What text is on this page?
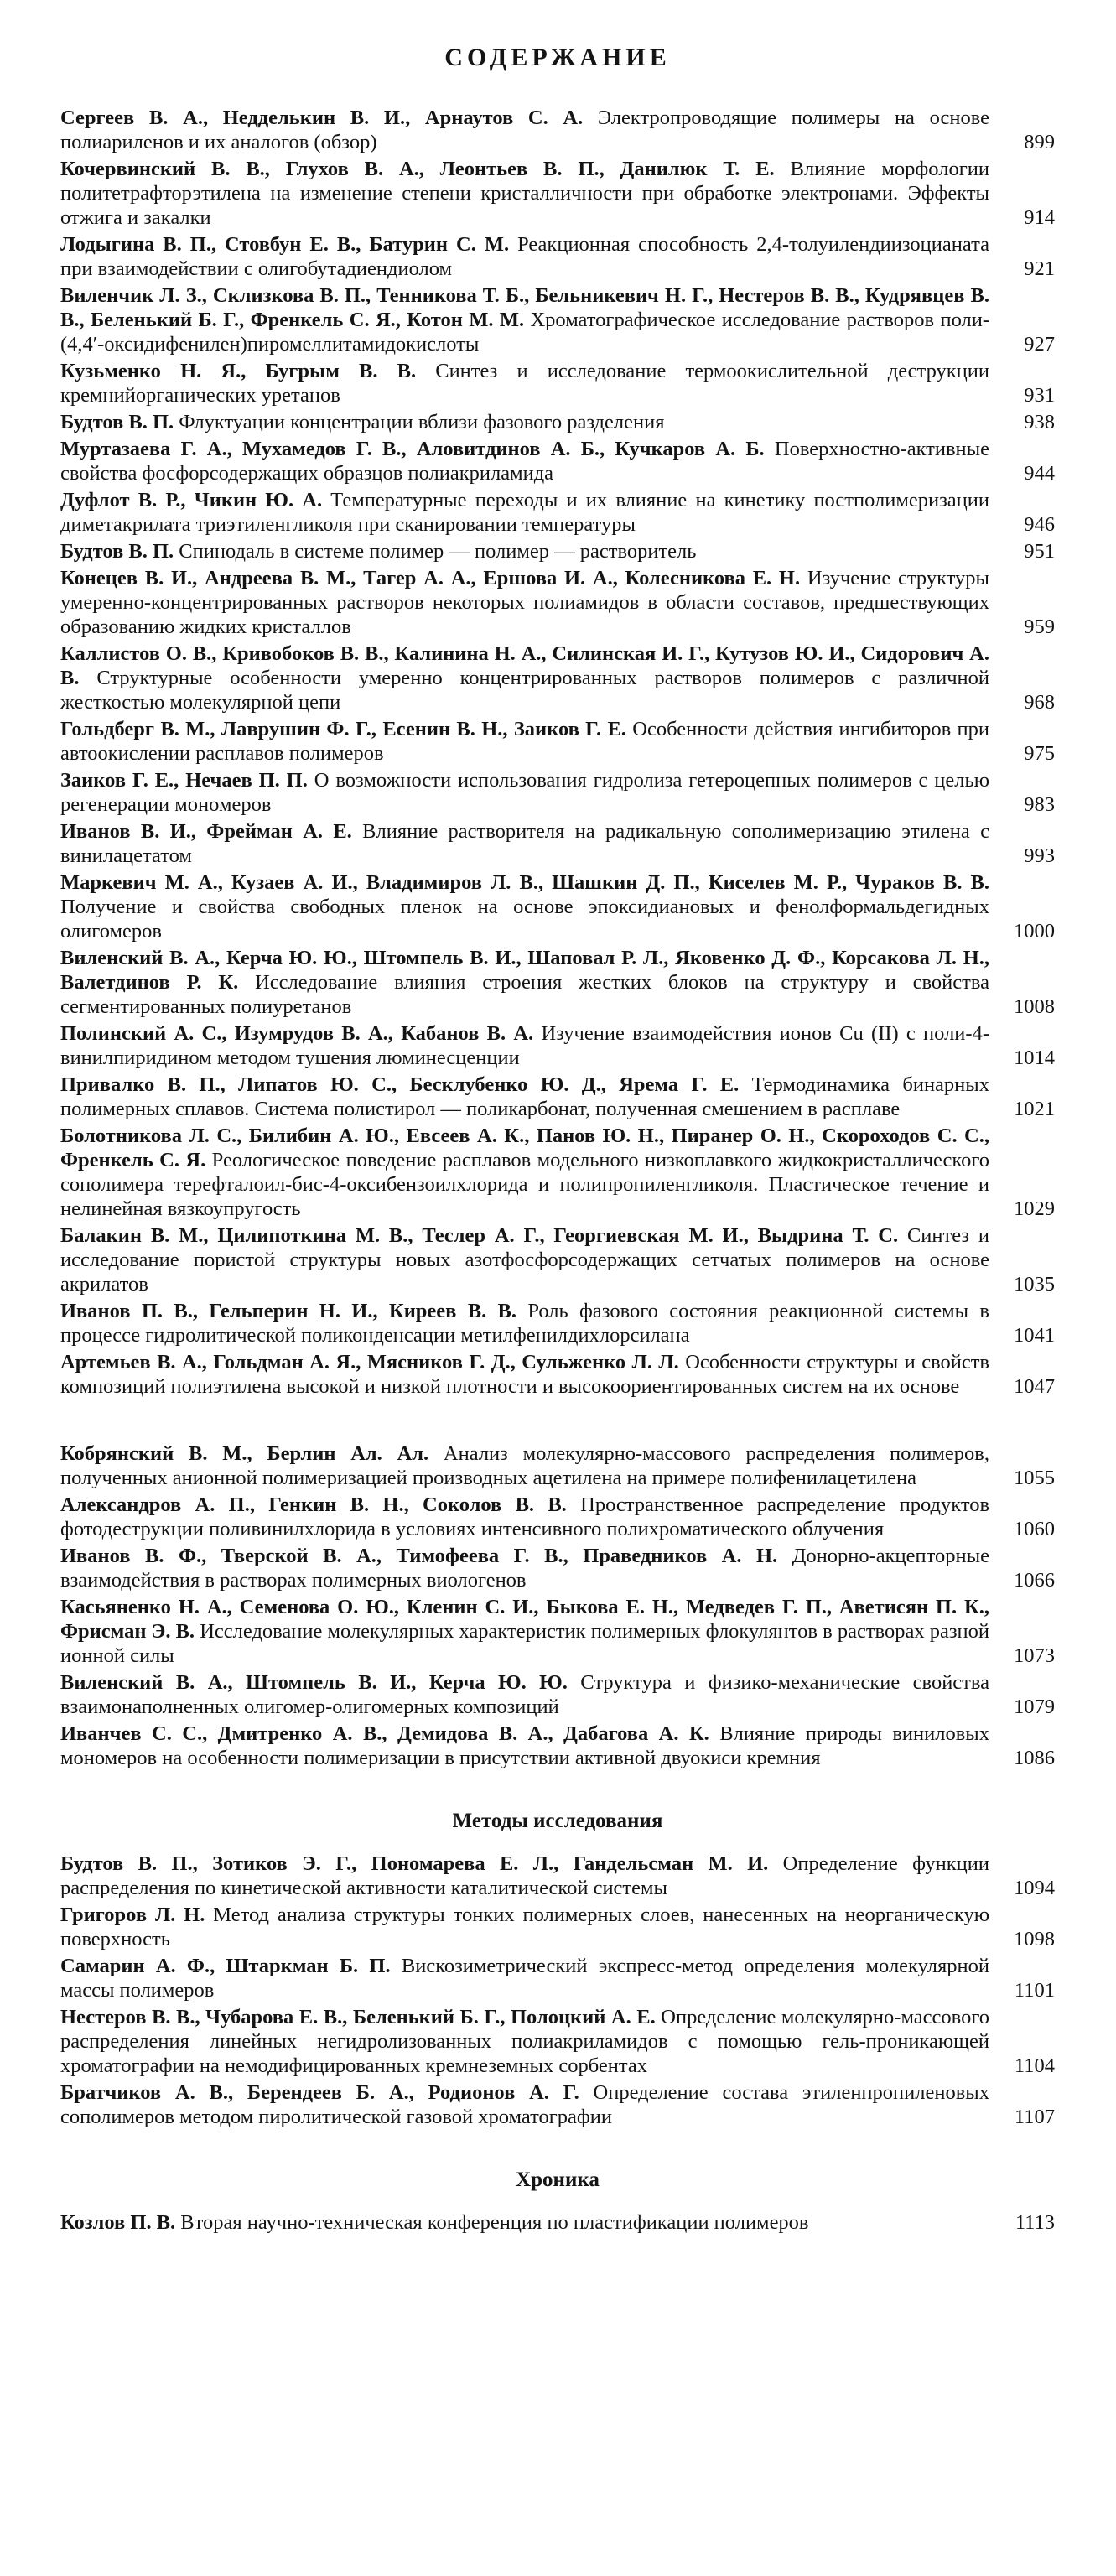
СОДЕРЖАНИЕ
Сергеев В. А., Недделькин В. И., Арнаутов С. А. Электропроводящие полимеры на основе полиариленов и их аналогов (обзор)	899
Кочервинский В. В., Глухов В. А., Леонтьев В. П., Данилюк Т. Е. Влияние морфологии политетрафторэтилена на изменение степени кристалличности при обработке электронами. Эффекты отжига и закалки	914
Лодыгина В. П., Стовбун Е. В., Батурин С. М. Реакционная способность 2,4-толуилендиизоцианата при взаимодействии с олигобутадиендиолом	921
Виленчик Л. З., Склизкова В. П., Тенникова Т. Б., Бельникевич Н. Г., Нестеров В. В., Кудрявцев В. В., Беленький Б. Г., Френкель С. Я., Котон М. М. Хроматографическое исследование растворов поли-(4,4′-оксидифенилен)пиромеллитамидокислоты	927
Кузьменко Н. Я., Бугрым В. В. Синтез и исследование термоокислительной деструкции кремнийорганических уретанов	931
Будтов В. П. Флуктуации концентрации вблизи фазового разделения	938
Муртазаева Г. А., Мухамедов Г. В., Аловитдинов А. Б., Кучкаров А. Б. Поверхностно-активные свойства фосфорсодержащих образцов полиакриламида	944
Дуфлот В. Р., Чикин Ю. А. Температурные переходы и их влияние на кинетику постполимеризации диметакрилата триэтиленгликоля при сканировании температуры	946
Будтов В. П. Спинодаль в системе полимер — полимер — растворитель	951
Конецев В. И., Андреева В. М., Тагер А. А., Ершова И. А., Колесникова Е. Н. Изучение структуры умеренно-концентрированных растворов некоторых полиамидов в области составов, предшествующих образованию жидких кристаллов	959
Каллистов О. В., Кривобоков В. В., Калинина Н. А., Силинская И. Г., Кутузов Ю. И., Сидорович А. В. Структурные особенности умеренно концентрированных растворов полимеров с различной жесткостью молекулярной цепи	968
Гольдберг В. М., Лаврушин Ф. Г., Есенин В. Н., Заиков Г. Е. Особенности действия ингибиторов при автоокислении расплавов полимеров	975
Заиков Г. Е., Нечаев П. П. О возможности использования гидролиза гетероцепных полимеров с целью регенерации мономеров	983
Иванов В. И., Фрейман А. Е. Влияние растворителя на радикальную сополимеризацию этилена с винилацетатом	993
Маркевич М. А., Кузаев А. И., Владимиров Л. В., Шашкин Д. П., Киселев М. Р., Чураков В. В. Получение и свойства свободных пленок на основе эпоксидиановых и фенолформальдегидных олигомеров	1000
Виленский В. А., Керча Ю. Ю., Штомпель В. И., Шаповал Р. Л., Яковенко Д. Ф., Корсакова Л. Н., Валетдинов Р. К. Исследование влияния строения жестких блоков на структуру и свойства сегментированных полиуретанов	1008
Полинский А. С., Изумрудов В. А., Кабанов В. А. Изучение взаимодействия ионов Cu (II) с поли-4-винилпиридином методом тушения люминесценции	1014
Привалко В. П., Липатов Ю. С., Бесклубенко Ю. Д., Ярема Г. Е. Термодинамика бинарных полимерных сплавов. Система полистирол — поликарбонат, полученная смешением в расплаве	1021
Болотникова Л. С., Билибин А. Ю., Евсеев А. К., Панов Ю. Н., Пиранер О. Н., Скороходов С. С., Френкель С. Я. Реологическое поведение расплавов модельного низкоплавкого жидкокристаллического сополимера терефталоил-бис-4-оксибензоилхлорида и полипропиленгликоля. Пластическое течение и нелинейная вязкоупругость	1029
Балакин В. М., Цилипоткина М. В., Теслер А. Г., Георгиевская М. И., Выдрина Т. С. Синтез и исследование пористой структуры новых азотфосфорсодержащих сетчатых полимеров на основе акрилатов	1035
Иванов П. В., Гельперин Н. И., Киреев В. В. Роль фазового состояния реакционной системы в процессе гидролитической поликонденсации метилфенилдихлорсилана	1041
Артемьев В. А., Гольдман А. Я., Мясников Г. Д., Сульженко Л. Л. Особенности структуры и свойств композиций полиэтилена высокой и низкой плотности и высокоориентированных систем на их основе	1047
Кобрянский В. М., Берлин Ал. Ал. Анализ молекулярно-массового распределения полимеров, полученных анионной полимеризацией производных ацетилена на примере полифенилацетилена	1055
Александров А. П., Генкин В. Н., Соколов В. В. Пространственное распределение продуктов фотодеструкции поливинилхлорида в условиях интенсивного полихроматического облучения	1060
Иванов В. Ф., Тверской В. А., Тимофеева Г. В., Праведников А. Н. Донорно-акцепторные взаимодействия в растворах полимерных виологенов	1066
Касьяненко Н. А., Семенова О. Ю., Кленин С. И., Быкова Е. Н., Медведев Г. П., Аветисян П. К., Фрисман Э. В. Исследование молекулярных характеристик полимерных флокулянтов в растворах разной ионной силы	1073
Виленский В. А., Штомпель В. И., Керча Ю. Ю. Структура и физико-механические свойства взаимонаполненных олигомер-олигомерных композиций	1079
Иванчев С. С., Дмитренко А. В., Демидова В. А., Дабагова А. К. Влияние природы виниловых мономеров на особенности полимеризации в присутствии активной двуокиси кремния	1086
Методы исследования
Будтов В. П., Зотиков Э. Г., Пономарева Е. Л., Гандельсман М. И. Определение функции распределения по кинетической активности каталитической системы	1094
Григоров Л. Н. Метод анализа структуры тонких полимерных слоев, нанесенных на неорганическую поверхность	1098
Самарин А. Ф., Штаркман Б. П. Вискозиметрический экспресс-метод определения молекулярной массы полимеров	1101
Нестеров В. В., Чубарова Е. В., Беленький Б. Г., Полоцкий А. Е. Определение молекулярно-массового распределения линейных негидролизованных полиакриламидов с помощью гель-проникающей хроматографии на немодифицированных кремнеземных сорбентах	1104
Братчиков А. В., Берендеев Б. А., Родионов А. Г. Определение состава этиленпропиленовых сополимеров методом пиролитической газовой хроматографии	1107
Хроника
Козлов П. В. Вторая научно-техническая конференция по пластификации полимеров	1113
